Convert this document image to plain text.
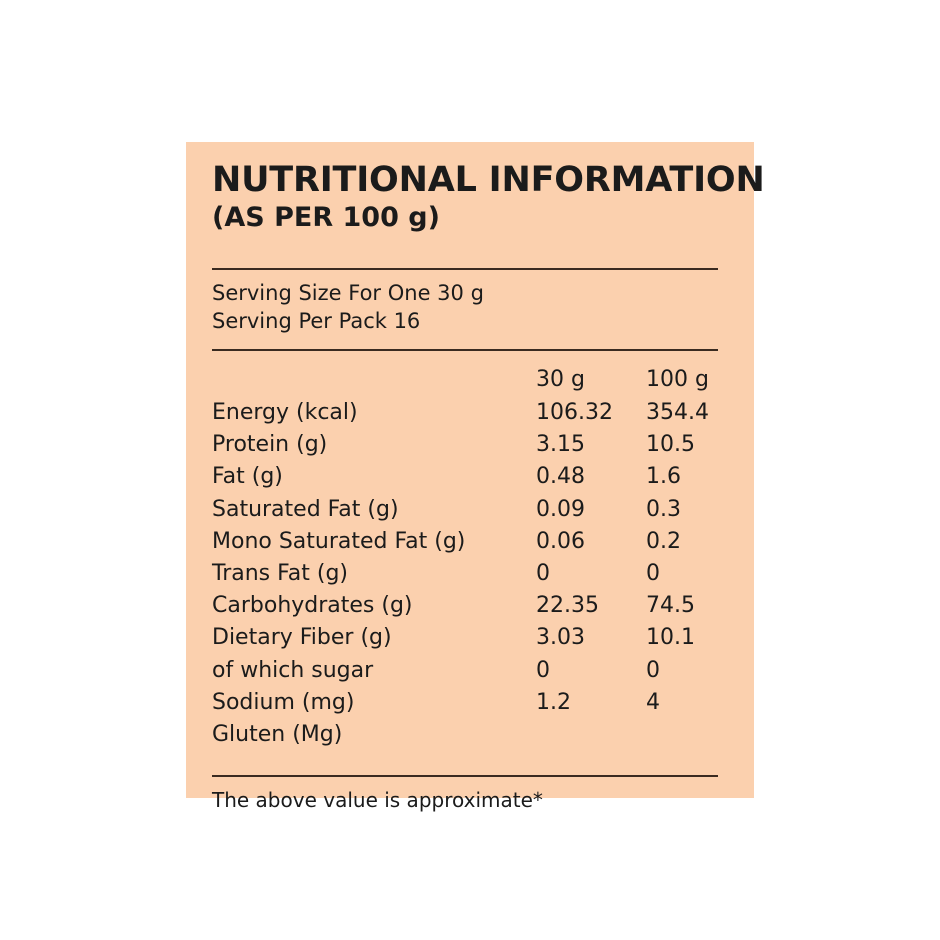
NUTRITIONAL INFORMATION
(AS PER 100 g)
Serving Size For One 30 g
Serving Per Pack 16
	30 g	100 g
Energy (kcal)	106.32	354.4
Protein (g)	3.15	10.5
Fat (g)	0.48	1.6
Saturated Fat (g)	0.09	0.3
Mono Saturated Fat (g)	0.06	0.2
Trans Fat (g)	0	0
Carbohydrates (g)	22.35	74.5
Dietary Fiber (g)	3.03	10.1
of which sugar	0	0
Sodium (mg)	1.2	4
Gluten (Mg)		
The above value is approximate*
